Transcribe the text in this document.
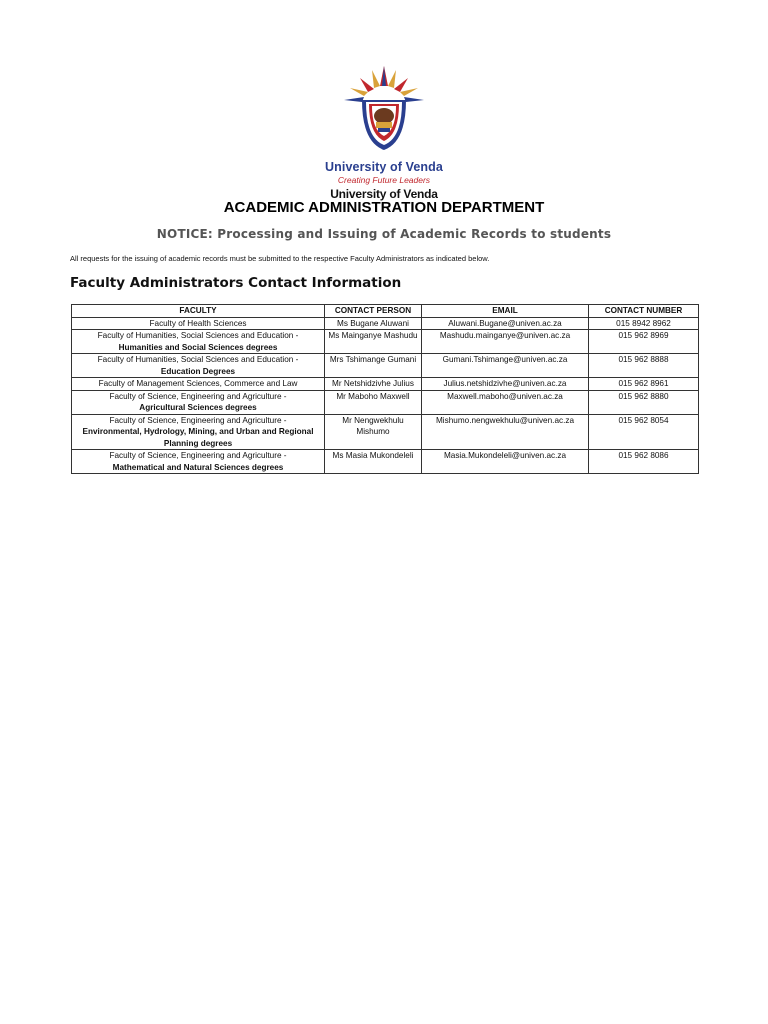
University of Venda
Creating Future Leaders
University of Venda
ACADEMIC ADMINISTRATION DEPARTMENT
NOTICE: Processing and Issuing of Academic Records to students
All requests for the issuing of academic records must be submitted to the respective Faculty Administrators as indicated below.
Faculty Administrators Contact Information
FACULTY	CONTACT PERSON	EMAIL	CONTACT NUMBER
Faculty of Health Sciences	Ms Bugane Aluwani	Aluwani.Bugane@univen.ac.za	015 8942 8962
Faculty of Humanities, Social Sciences and Education -
Humanities and Social Sciences degrees	Ms Mainganye Mashudu	Mashudu.mainganye@univen.ac.za	015 962 8969
Faculty of Humanities, Social Sciences and Education -
Education Degrees	Mrs Tshimange Gumani	Gumani.Tshimange@univen.ac.za	015 962 8888
Faculty of Management Sciences, Commerce and Law	Mr Netshidzivhe Julius	Julius.netshidzivhe@univen.ac.za	015 962 8961
Faculty of Science, Engineering and Agriculture -
Agricultural Sciences degrees	Mr Maboho Maxwell	Maxwell.maboho@univen.ac.za	015 962 8880
Faculty of Science, Engineering and Agriculture -
Environmental, Hydrology, Mining, and Urban and Regional Planning degrees	Mr Nengwekhulu Mishumo	Mishumo.nengwekhulu@univen.ac.za	015 962 8054
Faculty of Science, Engineering and Agriculture -
Mathematical and Natural Sciences degrees	Ms Masia Mukondeleli	Masia.Mukondeleli@univen.ac.za	015 962 8086
